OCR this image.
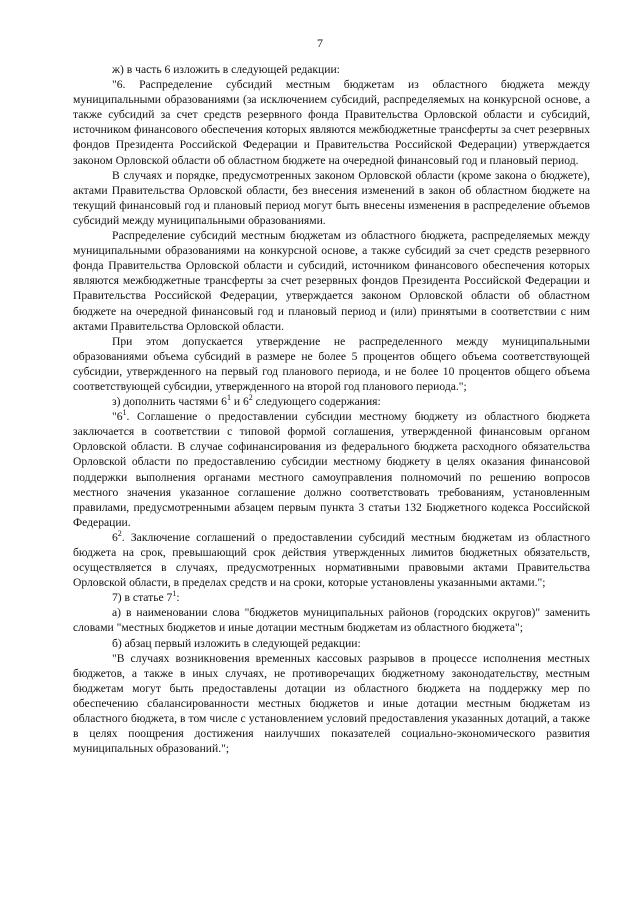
7

ж) в часть 6 изложить в следующей редакции:

"6. Распределение субсидий местным бюджетам из областного бюджета между муниципальными образованиями (за исключением субсидий, распределяемых на конкурсной основе, а также субсидий за счет средств резервного фонда Правительства Орловской области и субсидий, источником финансового обеспечения которых являются межбюджетные трансферты за счет резервных фондов Президента Российской Федерации и Правительства Российской Федерации) утверждается законом Орловской области об областном бюджете на очередной финансовый год и плановый период.

В случаях и порядке, предусмотренных законом Орловской области (кроме закона о бюджете), актами Правительства Орловской области, без внесения изменений в закон об областном бюджете на текущий финансовый год и плановый период могут быть внесены изменения в распределение объемов субсидий между муниципальными образованиями.

Распределение субсидий местным бюджетам из областного бюджета, распределяемых между муниципальными образованиями на конкурсной основе, а также субсидий за счет средств резервного фонда Правительства Орловской области и субсидий, источником финансового обеспечения которых являются межбюджетные трансферты за счет резервных фондов Президента Российской Федерации и Правительства Российской Федерации, утверждается законом Орловской области об областном бюджете на очередной финансовый год и плановый период и (или) принятыми в соответствии с ним актами Правительства Орловской области.

При этом допускается утверждение не распределенного между муниципальными образованиями объема субсидий в размере не более 5 процентов общего объема соответствующей субсидии, утвержденного на первый год планового периода, и не более 10 процентов общего объема соответствующей субсидии, утвержденного на второй год планового периода.";

з) дополнить частями $6^1$ и $6^2$ следующего содержания:

"$6^1$. Соглашение о предоставлении субсидии местному бюджету из областного бюджета заключается в соответствии с типовой формой соглашения, утвержденной финансовым органом Орловской области. В случае софинансирования из федерального бюджета расходного обязательства Орловской области по предоставлению субсидии местному бюджету в целях оказания финансовой поддержки выполнения органами местного самоуправления полномочий по решению вопросов местного значения указанное соглашение должно соответствовать требованиям, установленным правилами, предусмотренными абзацем первым пункта 3 статьи 132 Бюджетного кодекса Российской Федерации.

$6^2$. Заключение соглашений о предоставлении субсидий местным бюджетам из областного бюджета на срок, превышающий срок действия утвержденных лимитов бюджетных обязательств, осуществляется в случаях, предусмотренных нормативными правовыми актами Правительства Орловской области, в пределах средств и на сроки, которые установлены указанными актами.";

7) в статье $7^1$:

а) в наименовании слова "бюджетов муниципальных районов (городских округов)" заменить словами "местных бюджетов и иные дотации местным бюджетам из областного бюджета";

б) абзац первый изложить в следующей редакции:

"В случаях возникновения временных кассовых разрывов в процессе исполнения местных бюджетов, а также в иных случаях, не противоречащих бюджетному законодательству, местным бюджетам могут быть предоставлены дотации из областного бюджета на поддержку мер по обеспечению сбалансированности местных бюджетов и иные дотации местным бюджетам из областного бюджета, в том числе с установлением условий предоставления указанных дотаций, а также в целях поощрения достижения наилучших показателей социально-экономического развития муниципальных образований.";
